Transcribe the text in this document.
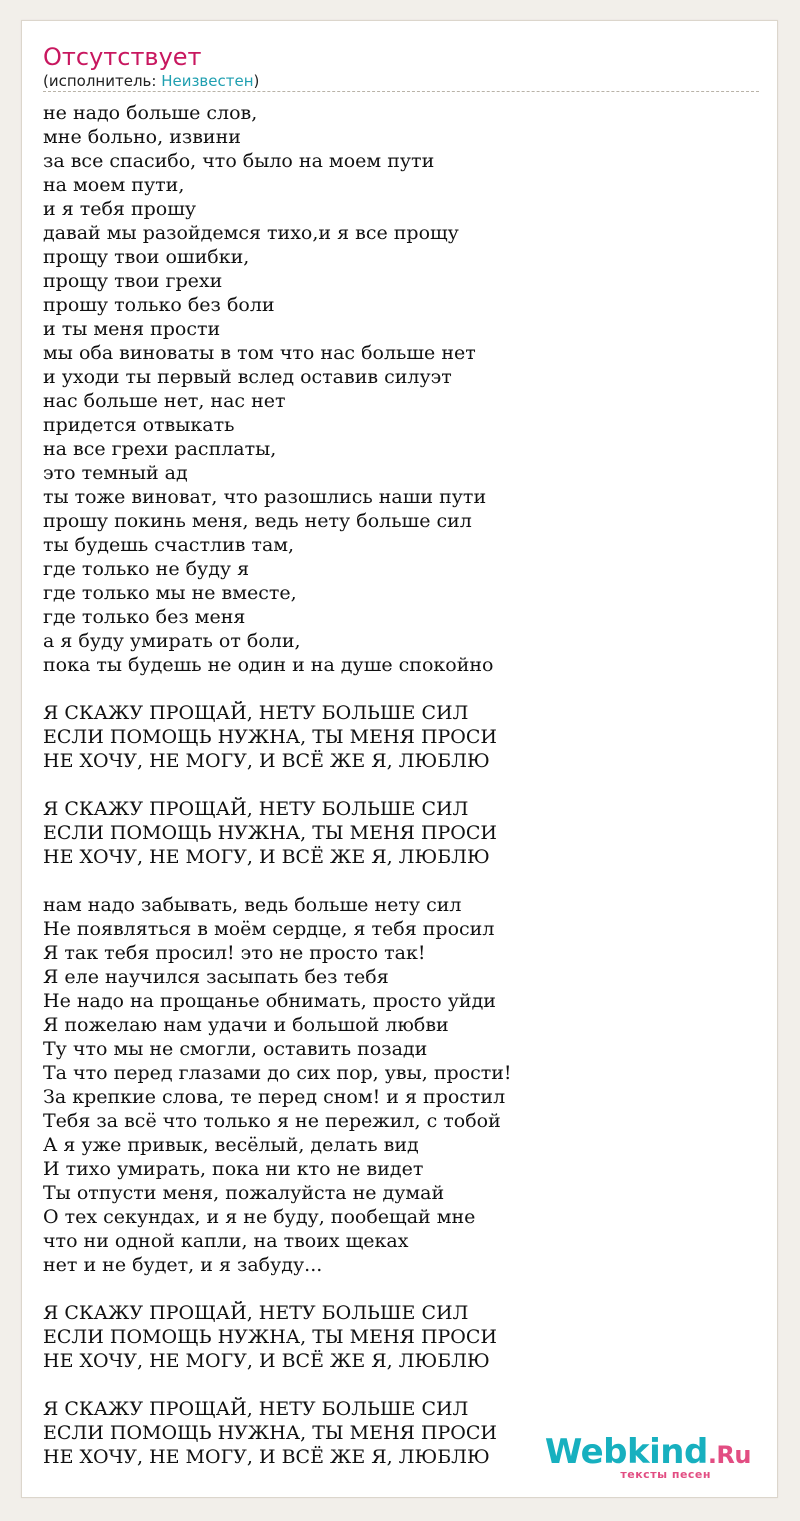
Отсутствует
(исполнитель: Неизвестен)
не надо больше слов,
мне больно, извини
за все спасибо, что было на моем пути
на моем пути,
и я тебя прошу
давай мы разойдемся тихо,и я все прощу
прощу твои ошибки,
прощу твои грехи
прошу только без боли
и ты меня прости
мы оба виноваты в том что нас больше нет
и уходи ты первый вслед оставив силуэт
нас больше нет, нас нет
придется отвыкать
на все грехи расплаты,
это темный ад
ты тоже виноват, что разошлись наши пути
прошу покинь меня, ведь нету больше сил
ты будешь счастлив там,
где только не буду я
где только мы не вместе,
где только без меня
а я буду умирать от боли,
пока ты будешь не один и на душе спокойно
Я СКАЖУ ПРОЩАЙ, НЕТУ БОЛЬШЕ СИЛ
ЕСЛИ ПОМОЩЬ НУЖНА, ТЫ МЕНЯ ПРОСИ
НЕ ХОЧУ, НЕ МОГУ, И ВСЁ ЖЕ Я, ЛЮБЛЮ
Я СКАЖУ ПРОЩАЙ, НЕТУ БОЛЬШЕ СИЛ
ЕСЛИ ПОМОЩЬ НУЖНА, ТЫ МЕНЯ ПРОСИ
НЕ ХОЧУ, НЕ МОГУ, И ВСЁ ЖЕ Я, ЛЮБЛЮ
нам надо забывать, ведь больше нету сил
Не появляться в моём сердце, я тебя просил
Я так тебя просил! это не просто так!
Я еле научился засыпать без тебя
Не надо на прощанье обнимать, просто уйди
Я пожелаю нам удачи и большой любви
Ту что мы не смогли, оставить позади
Та что перед глазами до сих пор, увы, прости!
За крепкие слова, те перед сном! и я простил
Тебя за всё что только я не пережил, с тобой
А я уже привык, весёлый, делать вид
И тихо умирать, пока ни кто не видет
Ты отпусти меня, пожалуйста не думай
О тех секундах, и я не буду, пообещай мне
что ни одной капли, на твоих щеках
нет и не будет, и я забуду...
Я СКАЖУ ПРОЩАЙ, НЕТУ БОЛЬШЕ СИЛ
ЕСЛИ ПОМОЩЬ НУЖНА, ТЫ МЕНЯ ПРОСИ
НЕ ХОЧУ, НЕ МОГУ, И ВСЁ ЖЕ Я, ЛЮБЛЮ
Я СКАЖУ ПРОЩАЙ, НЕТУ БОЛЬШЕ СИЛ
ЕСЛИ ПОМОЩЬ НУЖНА, ТЫ МЕНЯ ПРОСИ
НЕ ХОЧУ, НЕ МОГУ, И ВСЁ ЖЕ Я, ЛЮБЛЮ	Webkind.Ru
тексты песен
